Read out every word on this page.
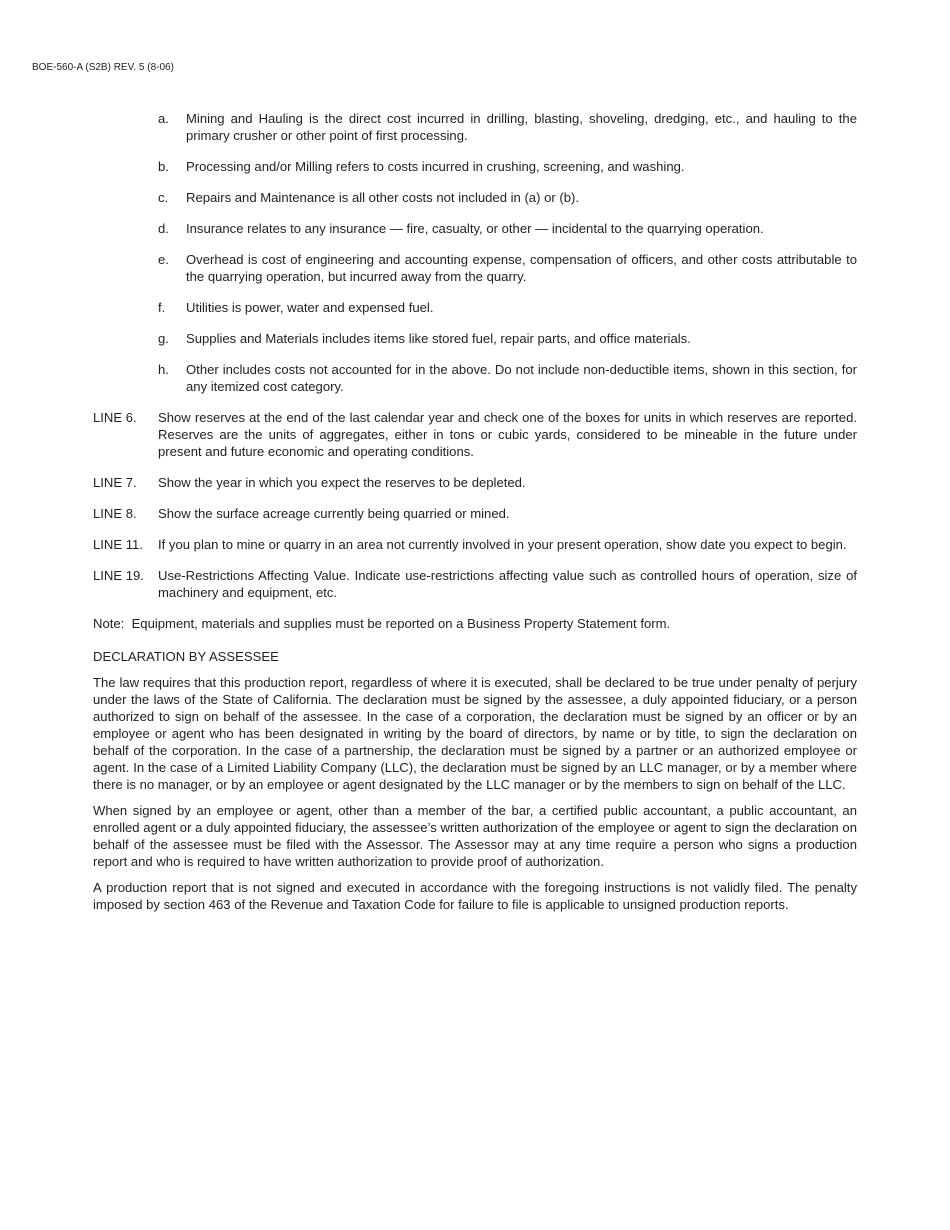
BOE-560-A (S2B) REV. 5 (8-06)
a.	Mining and Hauling is the direct cost incurred in drilling, blasting, shoveling, dredging, etc., and hauling to the primary crusher or other point of first processing.
b.	Processing and/or Milling refers to costs incurred in crushing, screening, and washing.
c.	Repairs and Maintenance is all other costs not included in (a) or (b).
d.	Insurance relates to any insurance — fire, casualty, or other — incidental to the quarrying operation.
e.	Overhead is cost of engineering and accounting expense, compensation of officers, and other costs attributable to the quarrying operation, but incurred away from the quarry.
f.	Utilities is power, water and expensed fuel.
g.	Supplies and Materials includes items like stored fuel, repair parts, and office materials.
h.	Other includes costs not accounted for in the above. Do not include non-deductible items, shown in this section, for any itemized cost category.
LINE 6.	Show reserves at the end of the last calendar year and check one of the boxes for units in which reserves are reported. Reserves are the units of aggregates, either in tons or cubic yards, considered to be mineable in the future under present and future economic and operating conditions.
LINE 7.	Show the year in which you expect the reserves to be depleted.
LINE 8.	Show the surface acreage currently being quarried or mined.
LINE 11.	If you plan to mine or quarry in an area not currently involved in your present operation, show date you expect to begin.
LINE 19.	Use-Restrictions Affecting Value. Indicate use-restrictions affecting value such as controlled hours of operation, size of machinery and equipment, etc.
Note:  Equipment, materials and supplies must be reported on a Business Property Statement form.
DECLARATION BY ASSESSEE
The law requires that this production report, regardless of where it is executed, shall be declared to be true under penalty of perjury under the laws of the State of California. The declaration must be signed by the assessee, a duly appointed fiduciary, or a person authorized to sign on behalf of the assessee. In the case of a corporation, the declaration must be signed by an officer or by an employee or agent who has been designated in writing by the board of directors, by name or by title, to sign the declaration on behalf of the corporation. In the case of a partnership, the declaration must be signed by a partner or an authorized employee or agent. In the case of a Limited Liability Company (LLC), the declaration must be signed by an LLC manager, or by a member where there is no manager, or by an employee or agent designated by the LLC manager or by the members to sign on behalf of the LLC.
When signed by an employee or agent, other than a member of the bar, a certified public accountant, a public accountant, an enrolled agent or a duly appointed fiduciary, the assessee’s written authorization of the employee or agent to sign the declaration on behalf of the assessee must be filed with the Assessor. The Assessor may at any time require a person who signs a production report and who is required to have written authorization to provide proof of authorization.
A production report that is not signed and executed in accordance with the foregoing instructions is not validly filed. The penalty imposed by section 463 of the Revenue and Taxation Code for failure to file is applicable to unsigned production reports.
